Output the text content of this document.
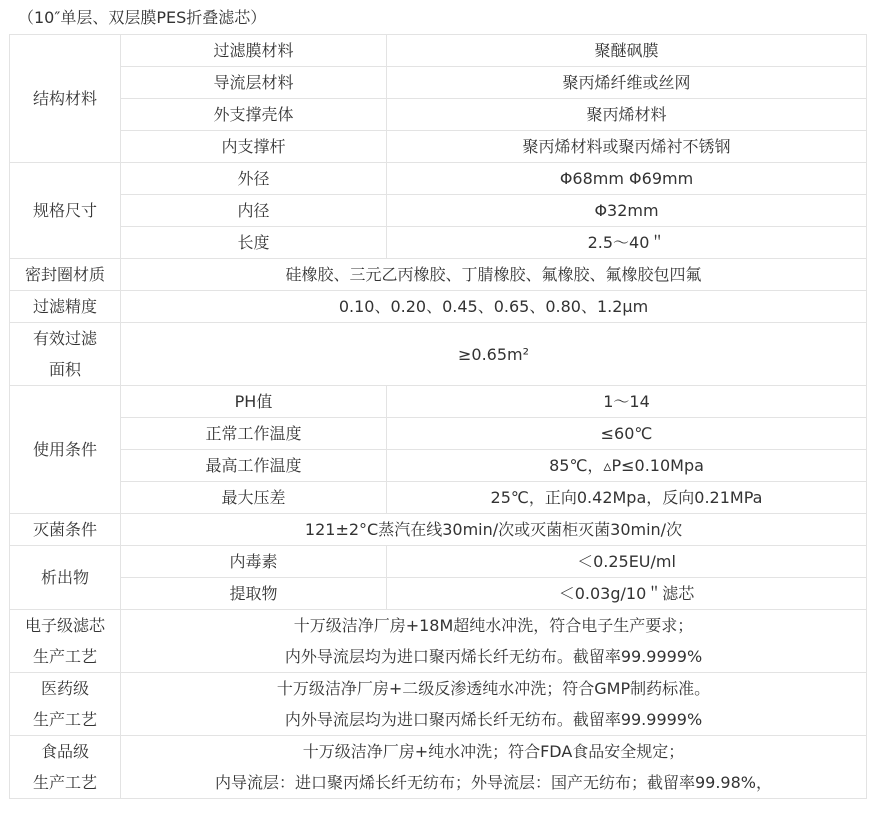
（10″单层、双层膜PES折叠滤芯）
结构材料	过滤膜材料	聚醚砜膜
	导流层材料	聚丙烯纤维或丝网
	外支撑壳体	聚丙烯材料
	内支撑杆	聚丙烯材料或聚丙烯衬不锈钢
规格尺寸	外径	Φ68mm Φ69mm
	内径	Φ32mm
	长度	2.5～40＂
密封圈材质	硅橡胶、三元乙丙橡胶、丁腈橡胶、氟橡胶、氟橡胶包四氟	
过滤精度	0.10、0.20、0.45、0.65、0.80、1.2μm	

有效过滤
面积	≥0.65m²	
使用条件	PH值	1～14
	正常工作温度	≤60℃
	最高工作温度	85℃，▵P≤0.10Mpa
	最大压差	25℃，正向0.42Mpa，反向0.21MPa
灭菌条件	121±2°C蒸汽在线30min/次或灭菌柜灭菌30min/次	
析出物	内毒素	＜0.25EU/ml
	提取物	＜0.03g/10＂滤芯

电子级滤芯
生产工艺	十万级洁净厂房+18M超纯水冲洗，符合电子生产要求；
内外导流层均为进口聚丙烯长纤无纺布。截留率99.9999%	

医药级
生产工艺	十万级洁净厂房+二级反渗透纯水冲洗；符合GMP制药标准。
内外导流层均为进口聚丙烯长纤无纺布。截留率99.9999%	

食品级
生产工艺	十万级洁净厂房+纯水冲洗；符合FDA食品安全规定；
内导流层：进口聚丙烯长纤无纺布；外导流层：国产无纺布；截留率99.98%，	
